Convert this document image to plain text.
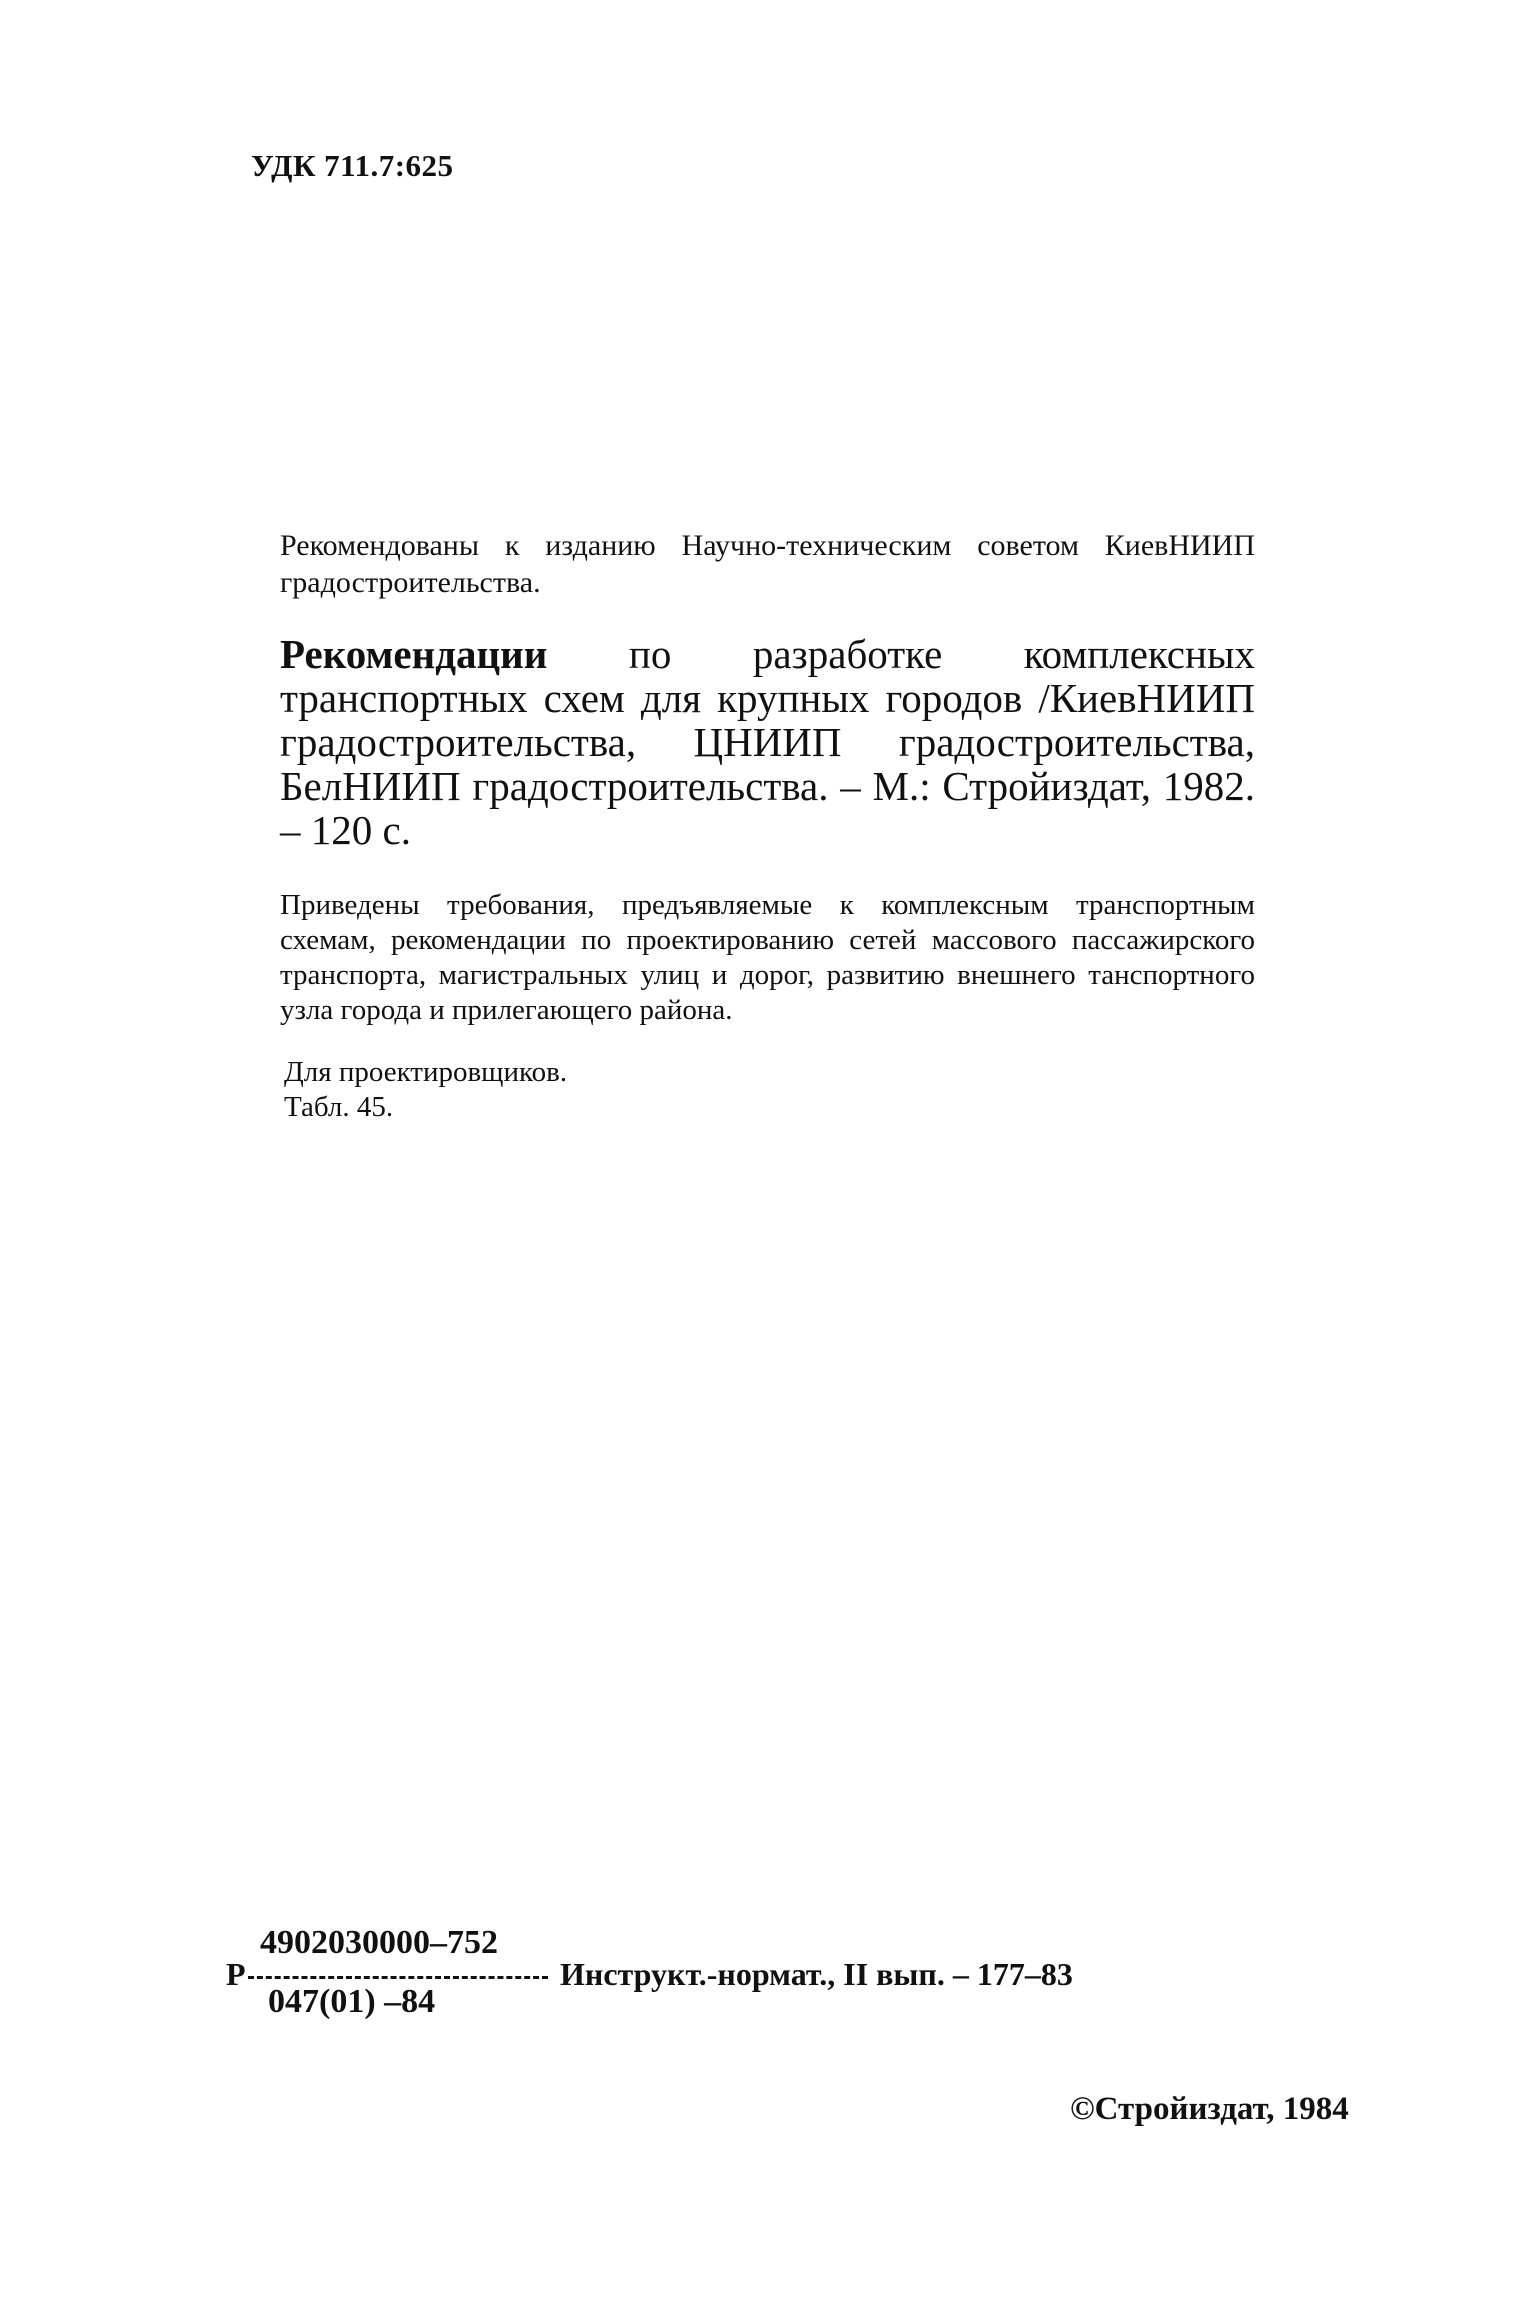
УДК 711.7:625
Рекомендованы к изданию Научно-техническим советом КиевНИИП градостроительства.
Рекомендации по разработке комплексных транспортных схем для крупных городов /КиевНИИП градостроительства, ЦНИИП градостроительства, БелНИИП градостроительства. – М.: Стройиздат, 1982. – 120 с.

Приведены требования, предъявляемые к комплексным транспортным схемам, рекомендации по проектированию сетей массового пассажирского транспорта, магистральных улиц и дорог, развитию внешнего танспортного узла города и прилегающего района.

Для проектировщиков.
Табл. 45.
Р
4902030000–752
047(01) –84
Инструкт.-нормат., II вып. – 177–83
©Стройиздат, 1984
